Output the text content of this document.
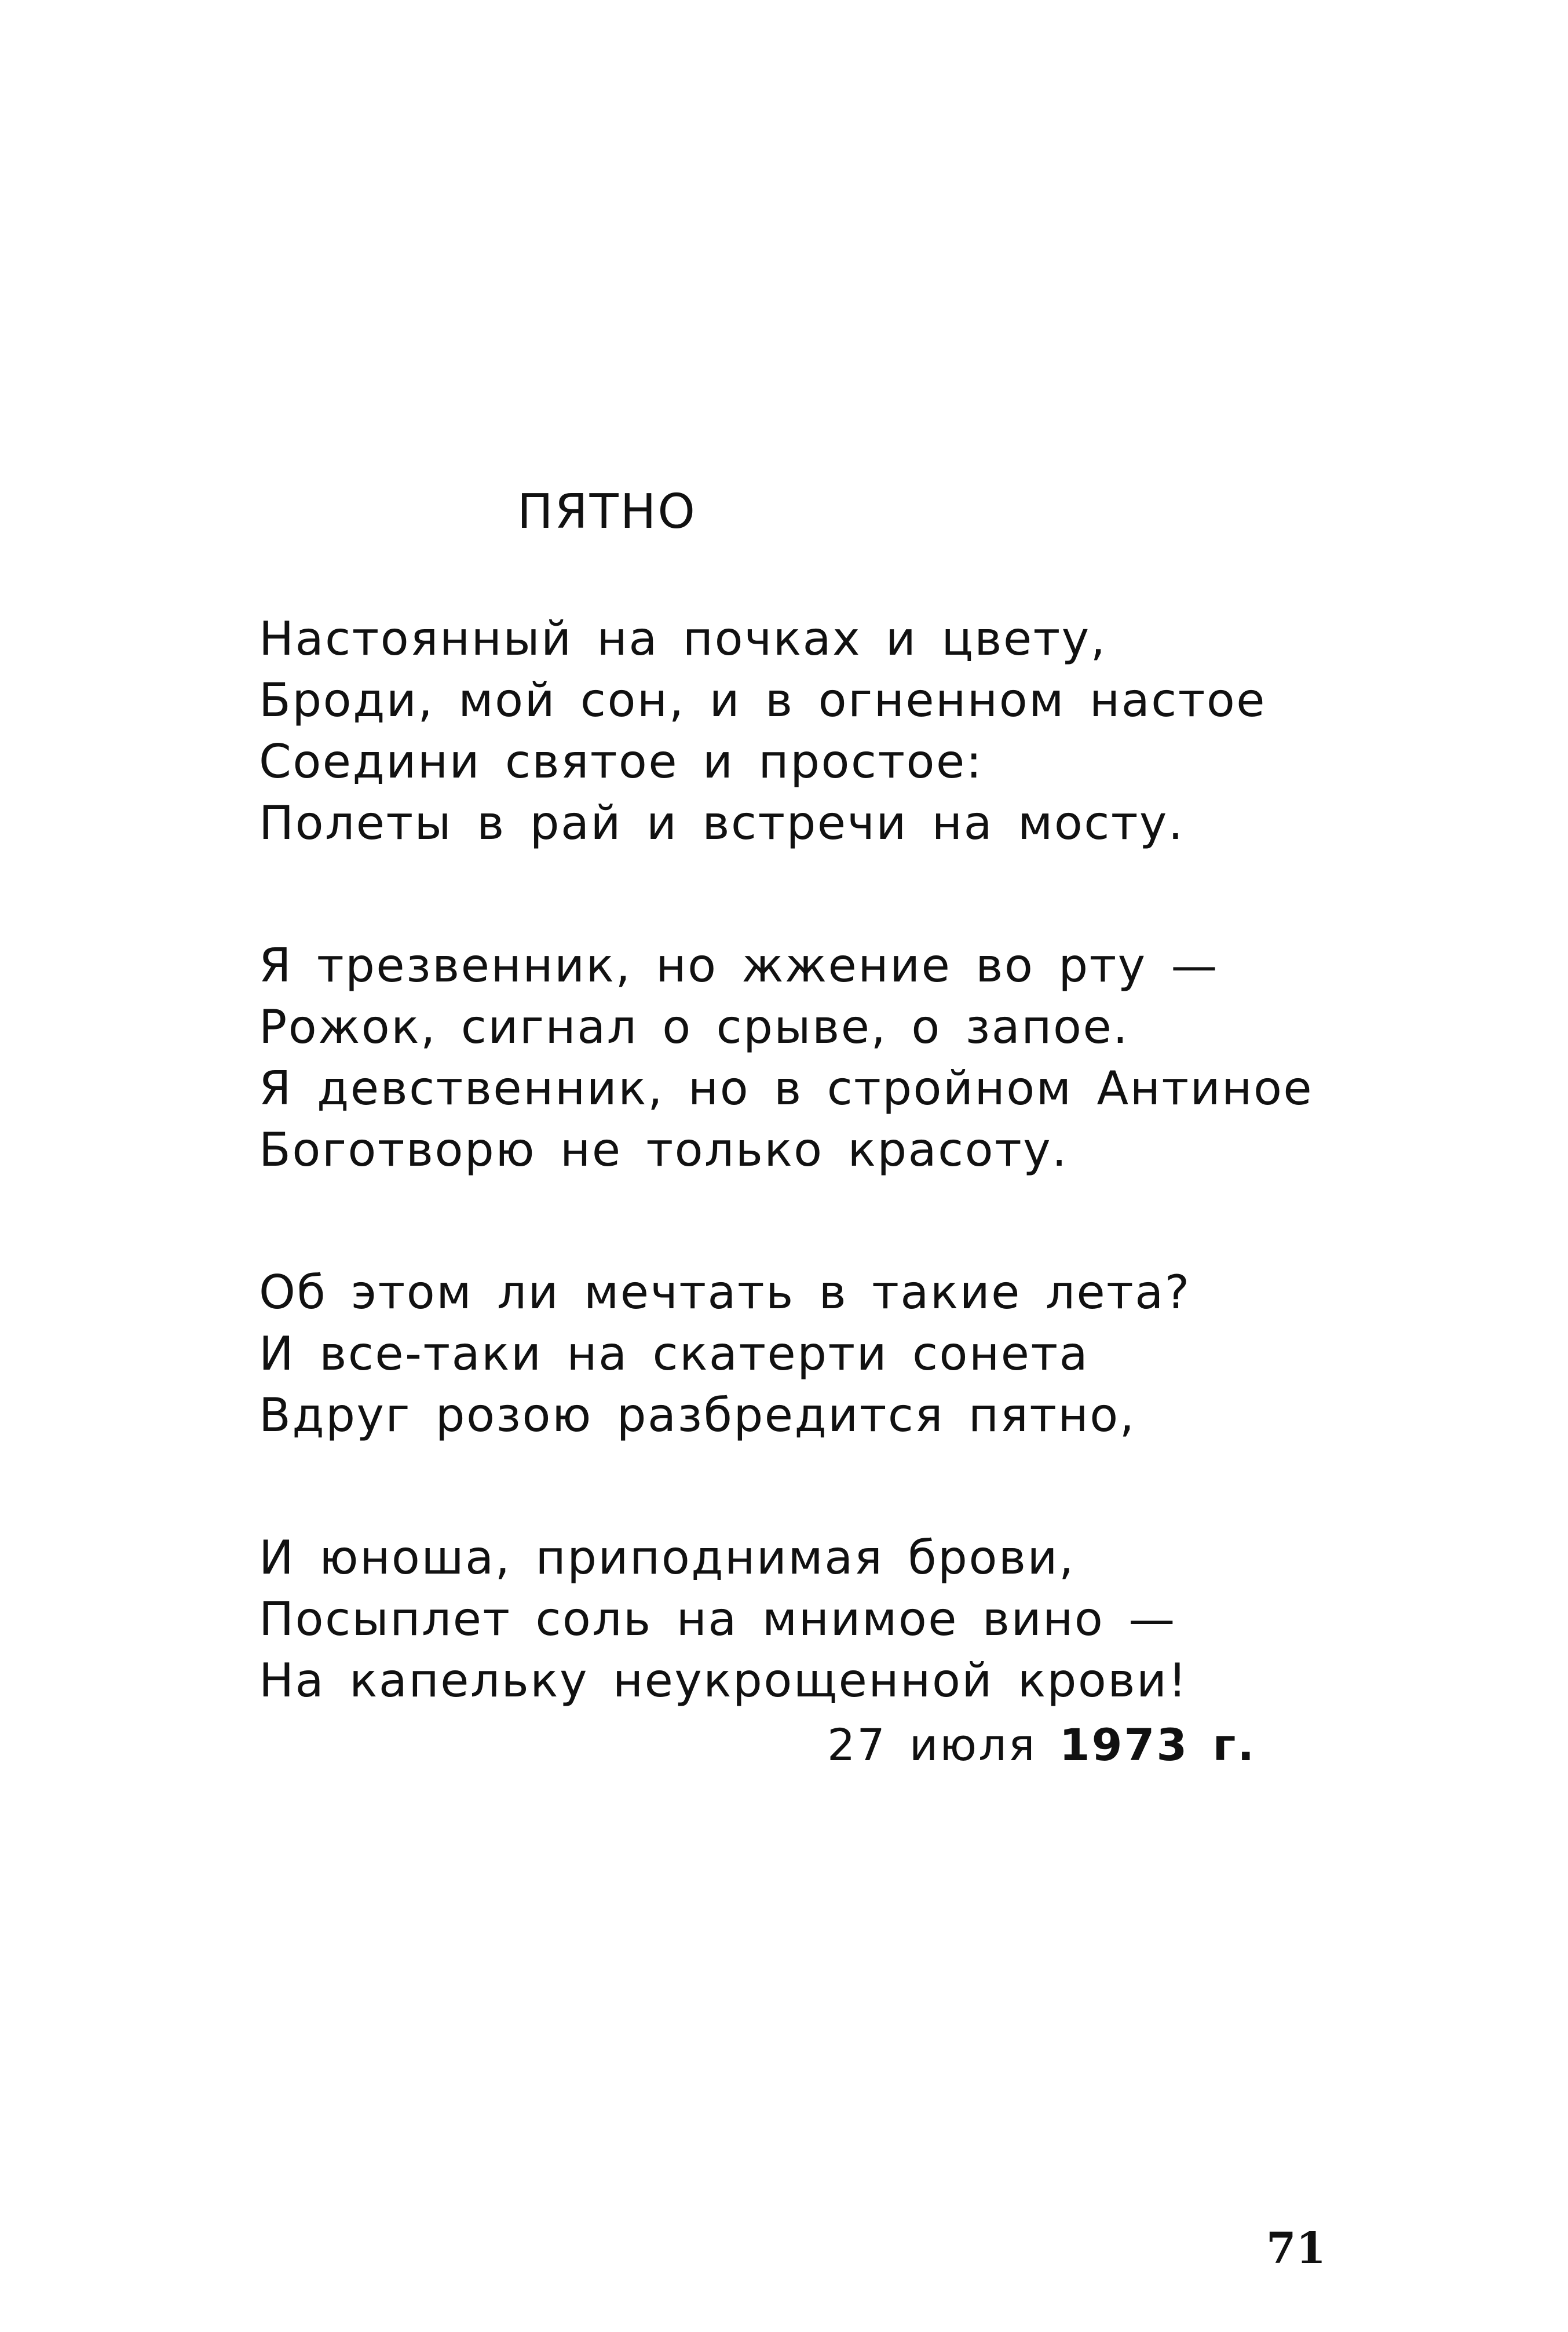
ПЯТНО
Настоянный на почках и цвету,
Броди, мой сон, и в огненном настое
Соедини святое и простое:
Полеты в рай и встречи на мосту.
Я трезвенник, но жжение во рту —
Рожок, сигнал о срыве, о запое.
Я девственник, но в стройном Антиное
Боготворю не только красоту.
Об этом ли мечтать в такие лета?
И все-таки на скатерти сонета
Вдруг розою разбредится пятно,
И юноша, приподнимая брови,
Посыплет соль на мнимое вино —
На капельку неукрощенной крови!
27 июля 1973 г.
71
